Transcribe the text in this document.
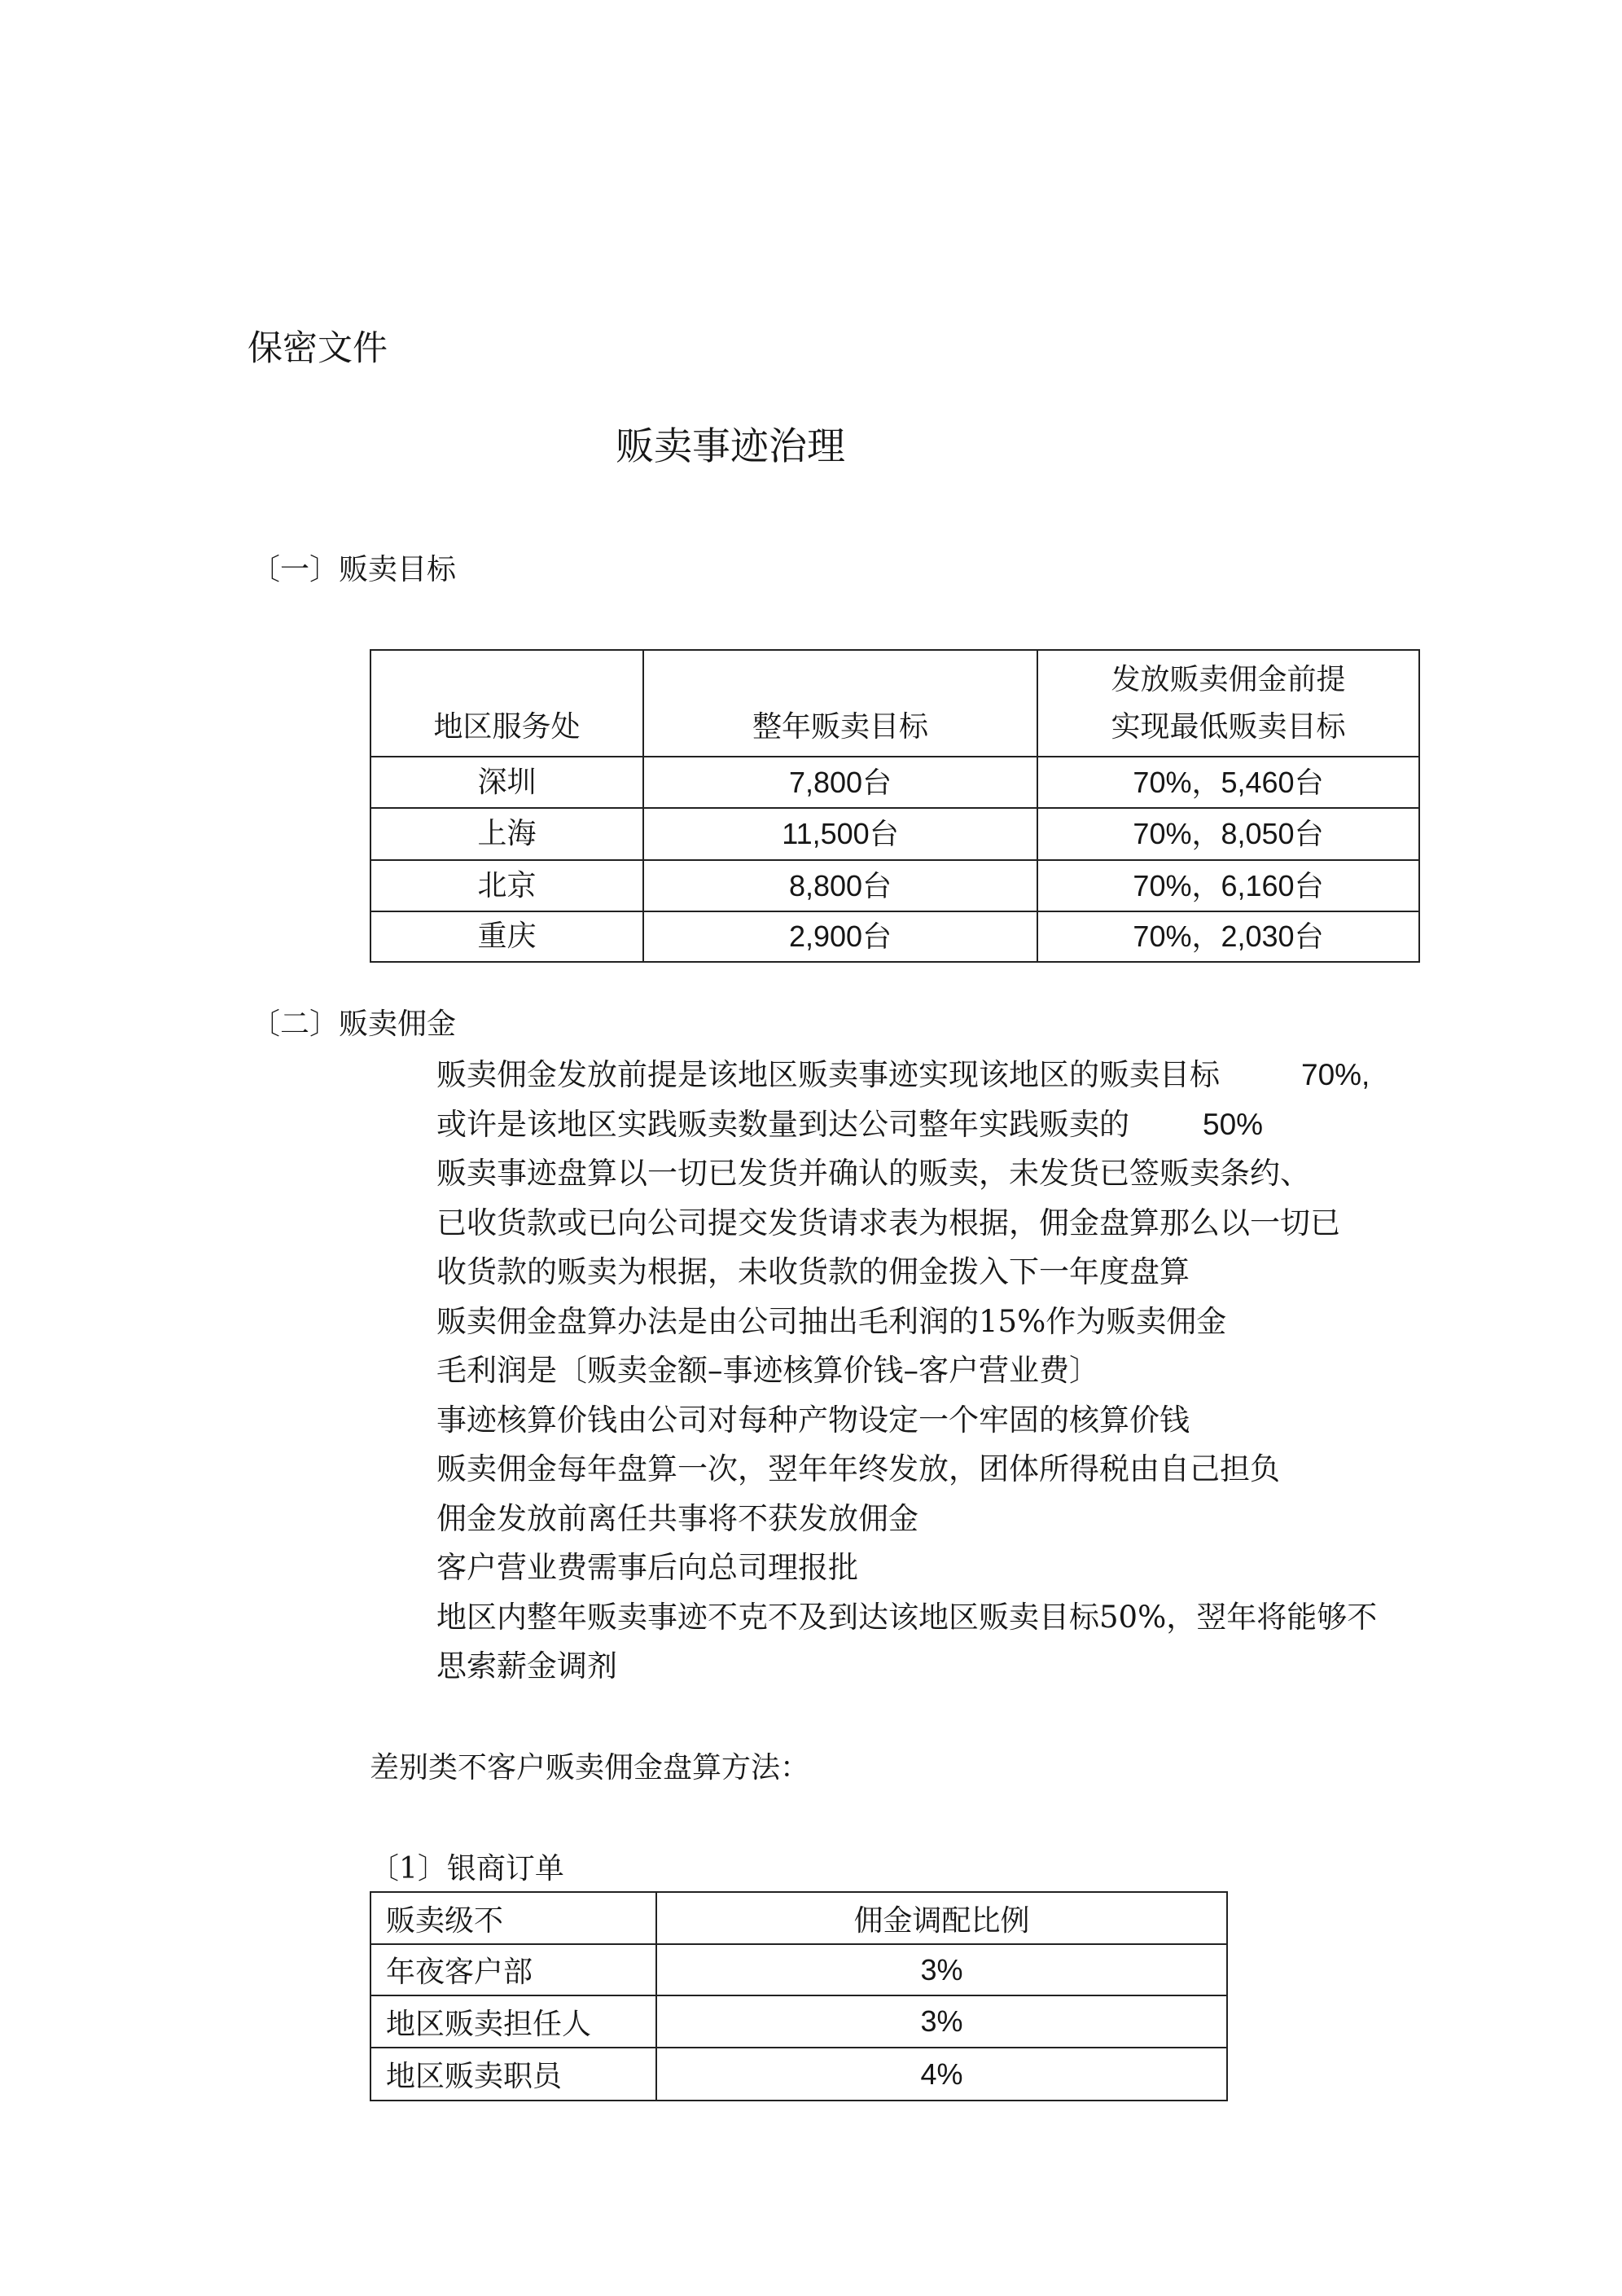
保密文件
贩卖事迹治理
〔一〕贩卖目标
地区服务处	整年贩卖目标	发放贩卖佣金前提
实现最低贩卖目标

深圳	7,800台	70%，5,460台
上海	11,500台	70%，8,050台
北京	8,800台	70%，6,160台
重庆	2,900台	70%，2,030台
〔二〕贩卖佣金
贩卖佣金发放前提是该地区贩卖事迹实现该地区的贩卖目标	70%,
或许是该地区实践贩卖数量到达公司整年实践贩卖的 50%
贩卖事迹盘算以一切已发货并确认的贩卖，未发货已签贩卖条约、
已收货款或已向公司提交发货请求表为根据，佣金盘算那么以一切已
收货款的贩卖为根据，未收货款的佣金拨入下一年度盘算
贩卖佣金盘算办法是由公司抽出毛利润的15%作为贩卖佣金
毛利润是〔贩卖金额–事迹核算价钱–客户营业费〕
事迹核算价钱由公司对每种产物设定一个牢固的核算价钱
贩卖佣金每年盘算一次，翌年年终发放，团体所得税由自己担负
佣金发放前离任共事将不获发放佣金
客户营业费需事后向总司理报批
地区内整年贩卖事迹不克不及到达该地区贩卖目标50%，翌年将能够不
思索薪金调剂
差别类不客户贩卖佣金盘算方法：
〔1〕银商订单
贩卖级不	佣金调配比例
年夜客户部	3%
地区贩卖担任人	3%
地区贩卖职员	4%
